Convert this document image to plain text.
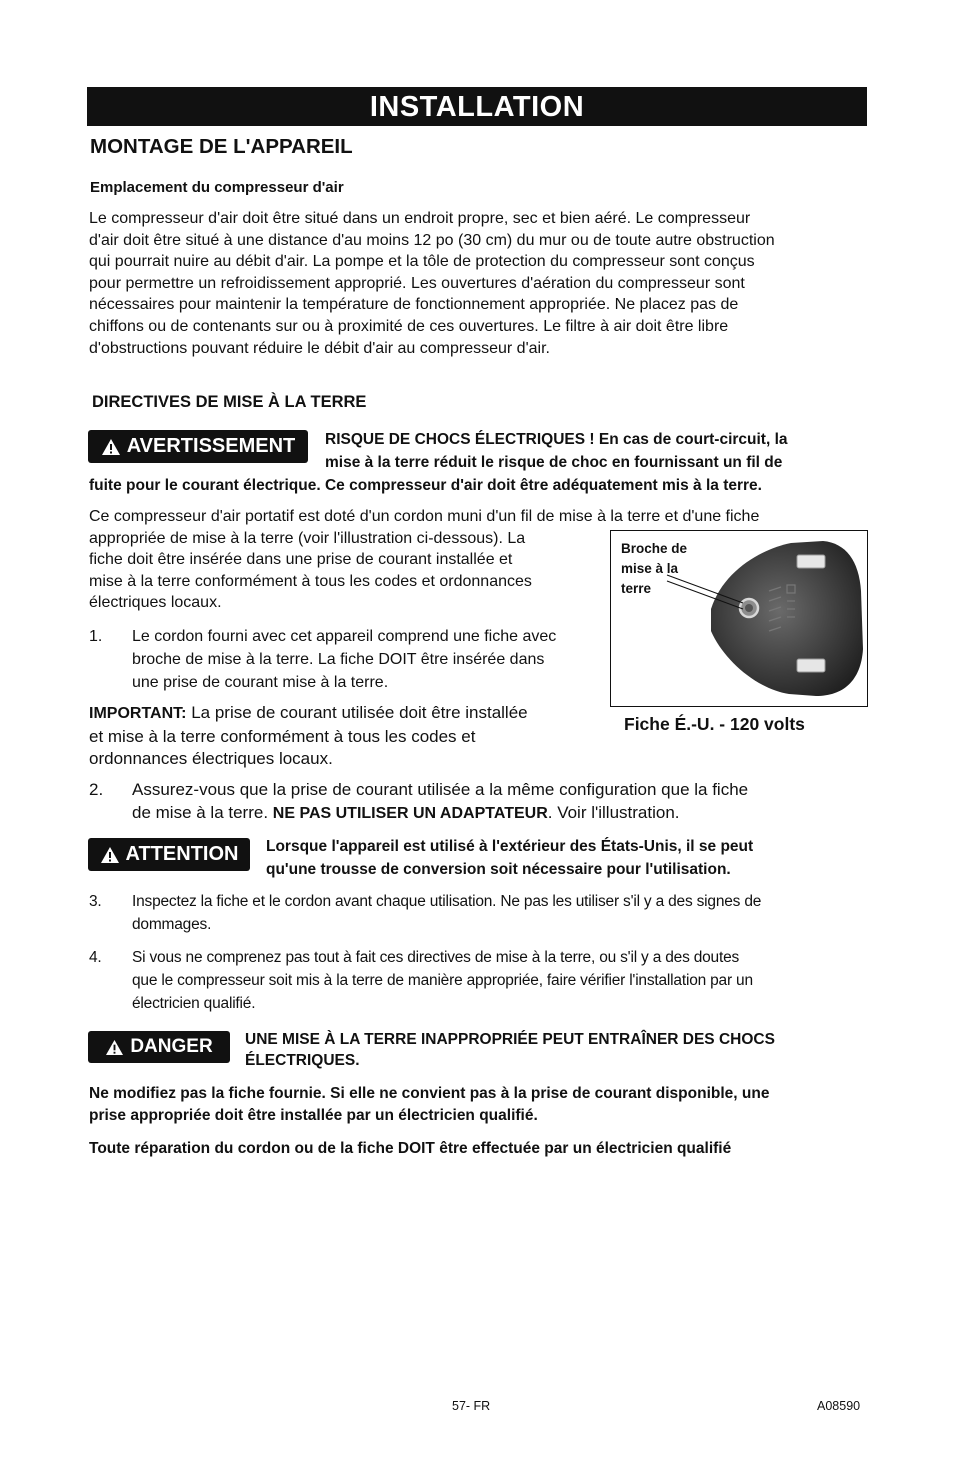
INSTALLATION
MONTAGE DE L'APPAREIL
Emplacement du compresseur d'air
Le compresseur d'air doit être situé dans un endroit propre, sec et bien aéré. Le compresseur
d'air doit être situé à une distance d'au moins 12 po (30 cm) du mur ou de toute autre obstruction
qui pourrait nuire au débit d'air. La pompe et la tôle de protection du compresseur sont conçus
pour permettre un refroidissement approprié. Les ouvertures d'aération du compresseur sont
nécessaires pour maintenir la température de fonctionnement appropriée. Ne placez pas de
chiffons ou de contenants sur ou à proximité de ces ouvertures. Le filtre à air doit être libre
d'obstructions pouvant réduire le débit d'air au compresseur d'air.
DIRECTIVES DE MISE À LA TERRE
AVERTISSEMENT RISQUE DE CHOCS ÉLECTRIQUES ! En cas de court-circuit, la
mise à la terre réduit le risque de choc en fournissant un fil de
fuite pour le courant électrique. Ce compresseur d'air doit être adéquatement mis à la terre.
Ce compresseur d'air portatif est doté d'un cordon muni d'un fil de mise à la terre et d'une fiche
appropriée de mise à la terre (voir l'illustration ci-dessous). La
fiche doit être insérée dans une prise de courant installée et
mise à la terre conformément à tous les codes et ordonnances
électriques locaux.
1. Le cordon fourni avec cet appareil comprend une fiche avec
broche de mise à la terre. La fiche DOIT être insérée dans
une prise de courant mise à la terre.
IMPORTANT: La prise de courant utilisée doit être installée
et mise à la terre conformément à tous les codes et
ordonnances électriques locaux.
Broche de
mise à la
terre
Fiche É.-U. - 120 volts
2. Assurez-vous que la prise de courant utilisée a la même configuration que la fiche
de mise à la terre. NE PAS UTILISER UN ADAPTATEUR. Voir l'illustration.
ATTENTION Lorsque l'appareil est utilisé à l'extérieur des États-Unis, il se peut
qu'une trousse de conversion soit nécessaire pour l'utilisation.
3. Inspectez la fiche et le cordon avant chaque utilisation. Ne pas les utiliser s'il y a des signes de
dommages.
4. Si vous ne comprenez pas tout à fait ces directives de mise à la terre, ou s'il y a des doutes
que le compresseur soit mis à la terre de manière appropriée, faire vérifier l'installation par un
électricien qualifié.
DANGER UNE MISE À LA TERRE INAPPROPRIÉE PEUT ENTRAÎNER DES CHOCS
ÉLECTRIQUES.
Ne modifiez pas la fiche fournie. Si elle ne convient pas à la prise de courant disponible, une
prise appropriée doit être installée par un électricien qualifié.
Toute réparation du cordon ou de la fiche DOIT être effectuée par un électricien qualifié
57- FR	A08590
